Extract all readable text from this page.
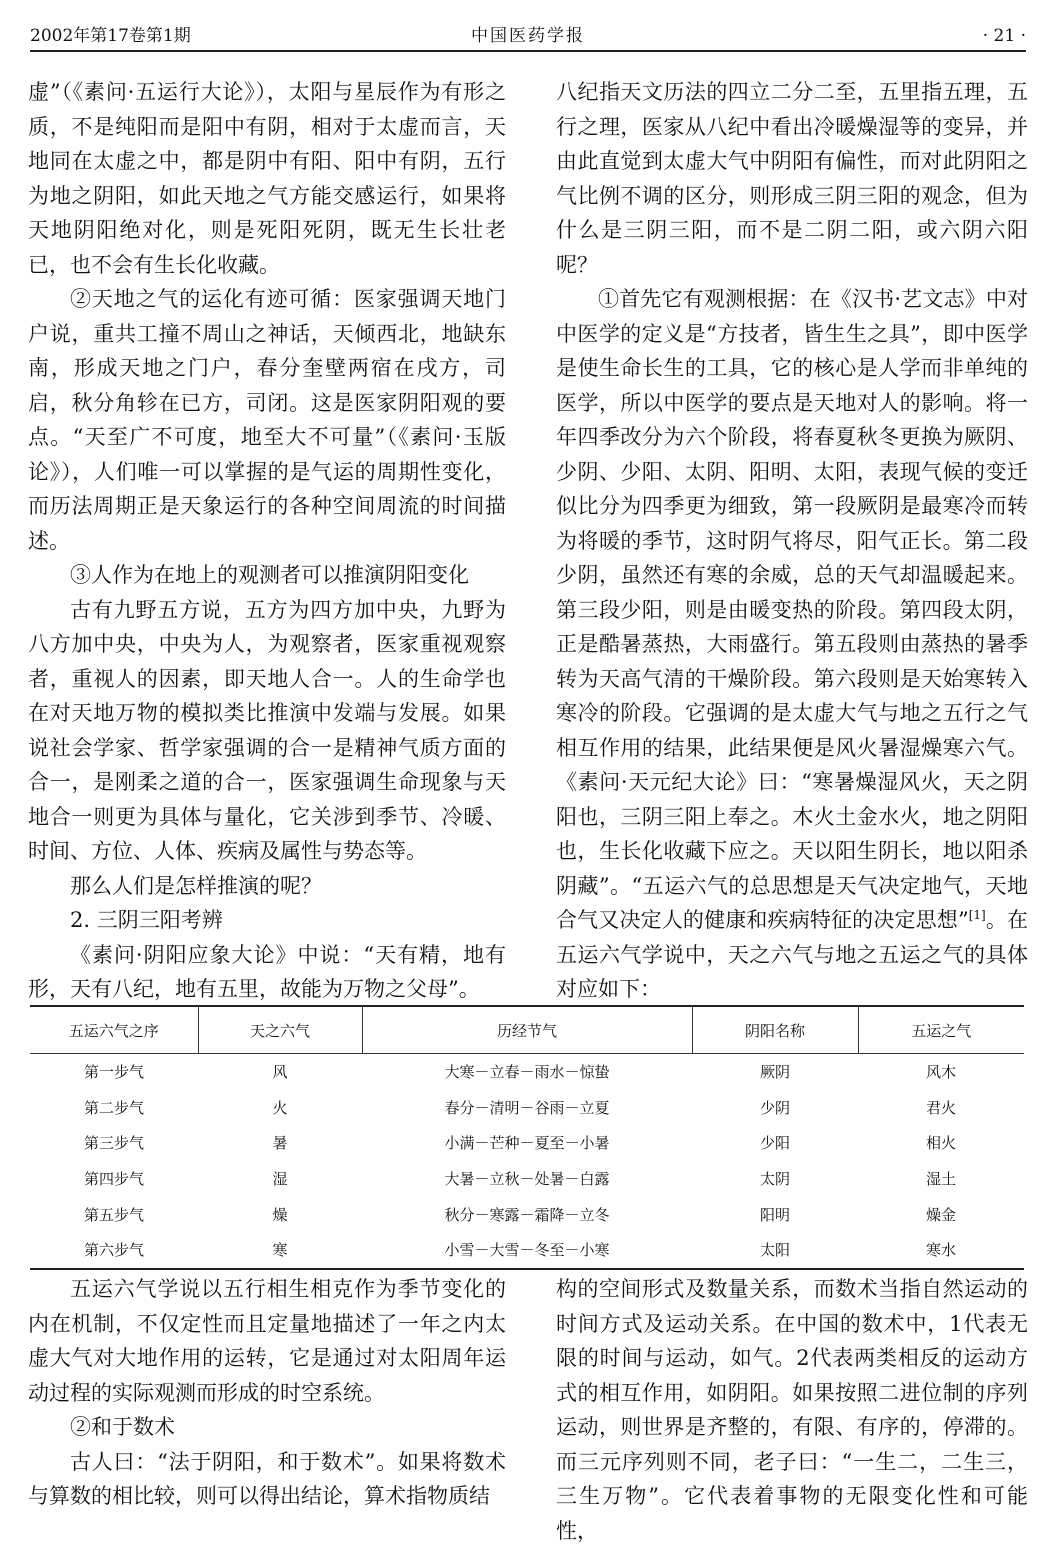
2002年第17卷第1期	中国医药学报	· 21 ·

虚”（《素问·五运行大论》），太阳与星辰作为有形之质，不是纯阳而是阳中有阴，相对于太虚而言，天地同在太虚之中，都是阴中有阳、阳中有阴，五行为地之阴阳，如此天地之气方能交感运行，如果将天地阴阳绝对化，则是死阳死阴，既无生长壮老已，也不会有生长化收藏。

②天地之气的运化有迹可循：医家强调天地门户说，重共工撞不周山之神话，天倾西北，地缺东南，形成天地之门户，春分奎壁两宿在戌方，司启，秋分角轸在已方，司闭。这是医家阴阳观的要点。“天至广不可度，地至大不可量”（《素问·玉版论》），人们唯一可以掌握的是气运的周期性变化，而历法周期正是天象运行的各种空间周流的时间描述。

③人作为在地上的观测者可以推演阴阳变化

古有九野五方说，五方为四方加中央，九野为八方加中央，中央为人，为观察者，医家重视观察者，重视人的因素，即天地人合一。人的生命学也在对天地万物的模拟类比推演中发端与发展。如果说社会学家、哲学家强调的合一是精神气质方面的合一，是刚柔之道的合一，医家强调生命现象与天地合一则更为具体与量化，它关涉到季节、冷暖、时间、方位、人体、疾病及属性与势态等。

那么人们是怎样推演的呢？

2. 三阴三阳考辨

《素问·阴阳应象大论》中说：“天有精，地有形，天有八纪，地有五里，故能为万物之父母”。

八纪指天文历法的四立二分二至，五里指五理，五行之理，医家从八纪中看出冷暖燥湿等的变异，并由此直觉到太虚大气中阴阳有偏性，而对此阴阳之气比例不调的区分，则形成三阴三阳的观念，但为什么是三阴三阳，而不是二阴二阳，或六阴六阳呢？

①首先它有观测根据：在《汉书·艺文志》中对中医学的定义是“方技者，皆生生之具”，即中医学是使生命长生的工具，它的核心是人学而非单纯的医学，所以中医学的要点是天地对人的影响。将一年四季改分为六个阶段，将春夏秋冬更换为厥阴、少阴、少阳、太阴、阳明、太阳，表现气候的变迁似比分为四季更为细致，第一段厥阴是最寒冷而转为将暖的季节，这时阴气将尽，阳气正长。第二段少阴，虽然还有寒的余威，总的天气却温暖起来。第三段少阳，则是由暖变热的阶段。第四段太阴，正是酷暑蒸热，大雨盛行。第五段则由蒸热的暑季转为天高气清的干燥阶段。第六段则是天始寒转入寒冷的阶段。它强调的是太虚大气与地之五行之气相互作用的结果，此结果便是风火暑湿燥寒六气。《素问·天元纪大论》曰：“寒暑燥湿风火，天之阴阳也，三阴三阳上奉之。木火土金水火，地之阴阳也，生长化收藏下应之。天以阳生阴长，地以阳杀阴藏”。“五运六气的总思想是天气决定地气，天地合气又决定人的健康和疾病特征的决定思想”[1]。在五运六气学说中，天之六气与地之五运之气的具体对应如下：

五运六气之序	天之六气	历经节气	阴阳名称	五运之气
第一步气	风	大寒－立春－雨水－惊蛰	厥阴	风木
第二步气	火	春分－清明－谷雨－立夏	少阴	君火
第三步气	暑	小满－芒种－夏至－小暑	少阳	相火
第四步气	湿	大暑－立秋－处暑－白露	太阴	湿土
第五步气	燥	秋分－寒露－霜降－立冬	阳明	燥金
第六步气	寒	小雪－大雪－冬至－小寒	太阳	寒水

五运六气学说以五行相生相克作为季节变化的内在机制，不仅定性而且定量地描述了一年之内太虚大气对大地作用的运转，它是通过对太阳周年运动过程的实际观测而形成的时空系统。

②和于数术

古人曰：“法于阴阳，和于数术”。如果将数术与算数的相比较，则可以得出结论，算术指物质结

构的空间形式及数量关系，而数术当指自然运动的时间方式及运动关系。在中国的数术中，1代表无限的时间与运动，如气。2代表两类相反的运动方式的相互作用，如阴阳。如果按照二进位制的序列运动，则世界是齐整的，有限、有序的，停滞的。而三元序列则不同，老子曰：“一生二，二生三，三生万物”。它代表着事物的无限变化性和可能性，
